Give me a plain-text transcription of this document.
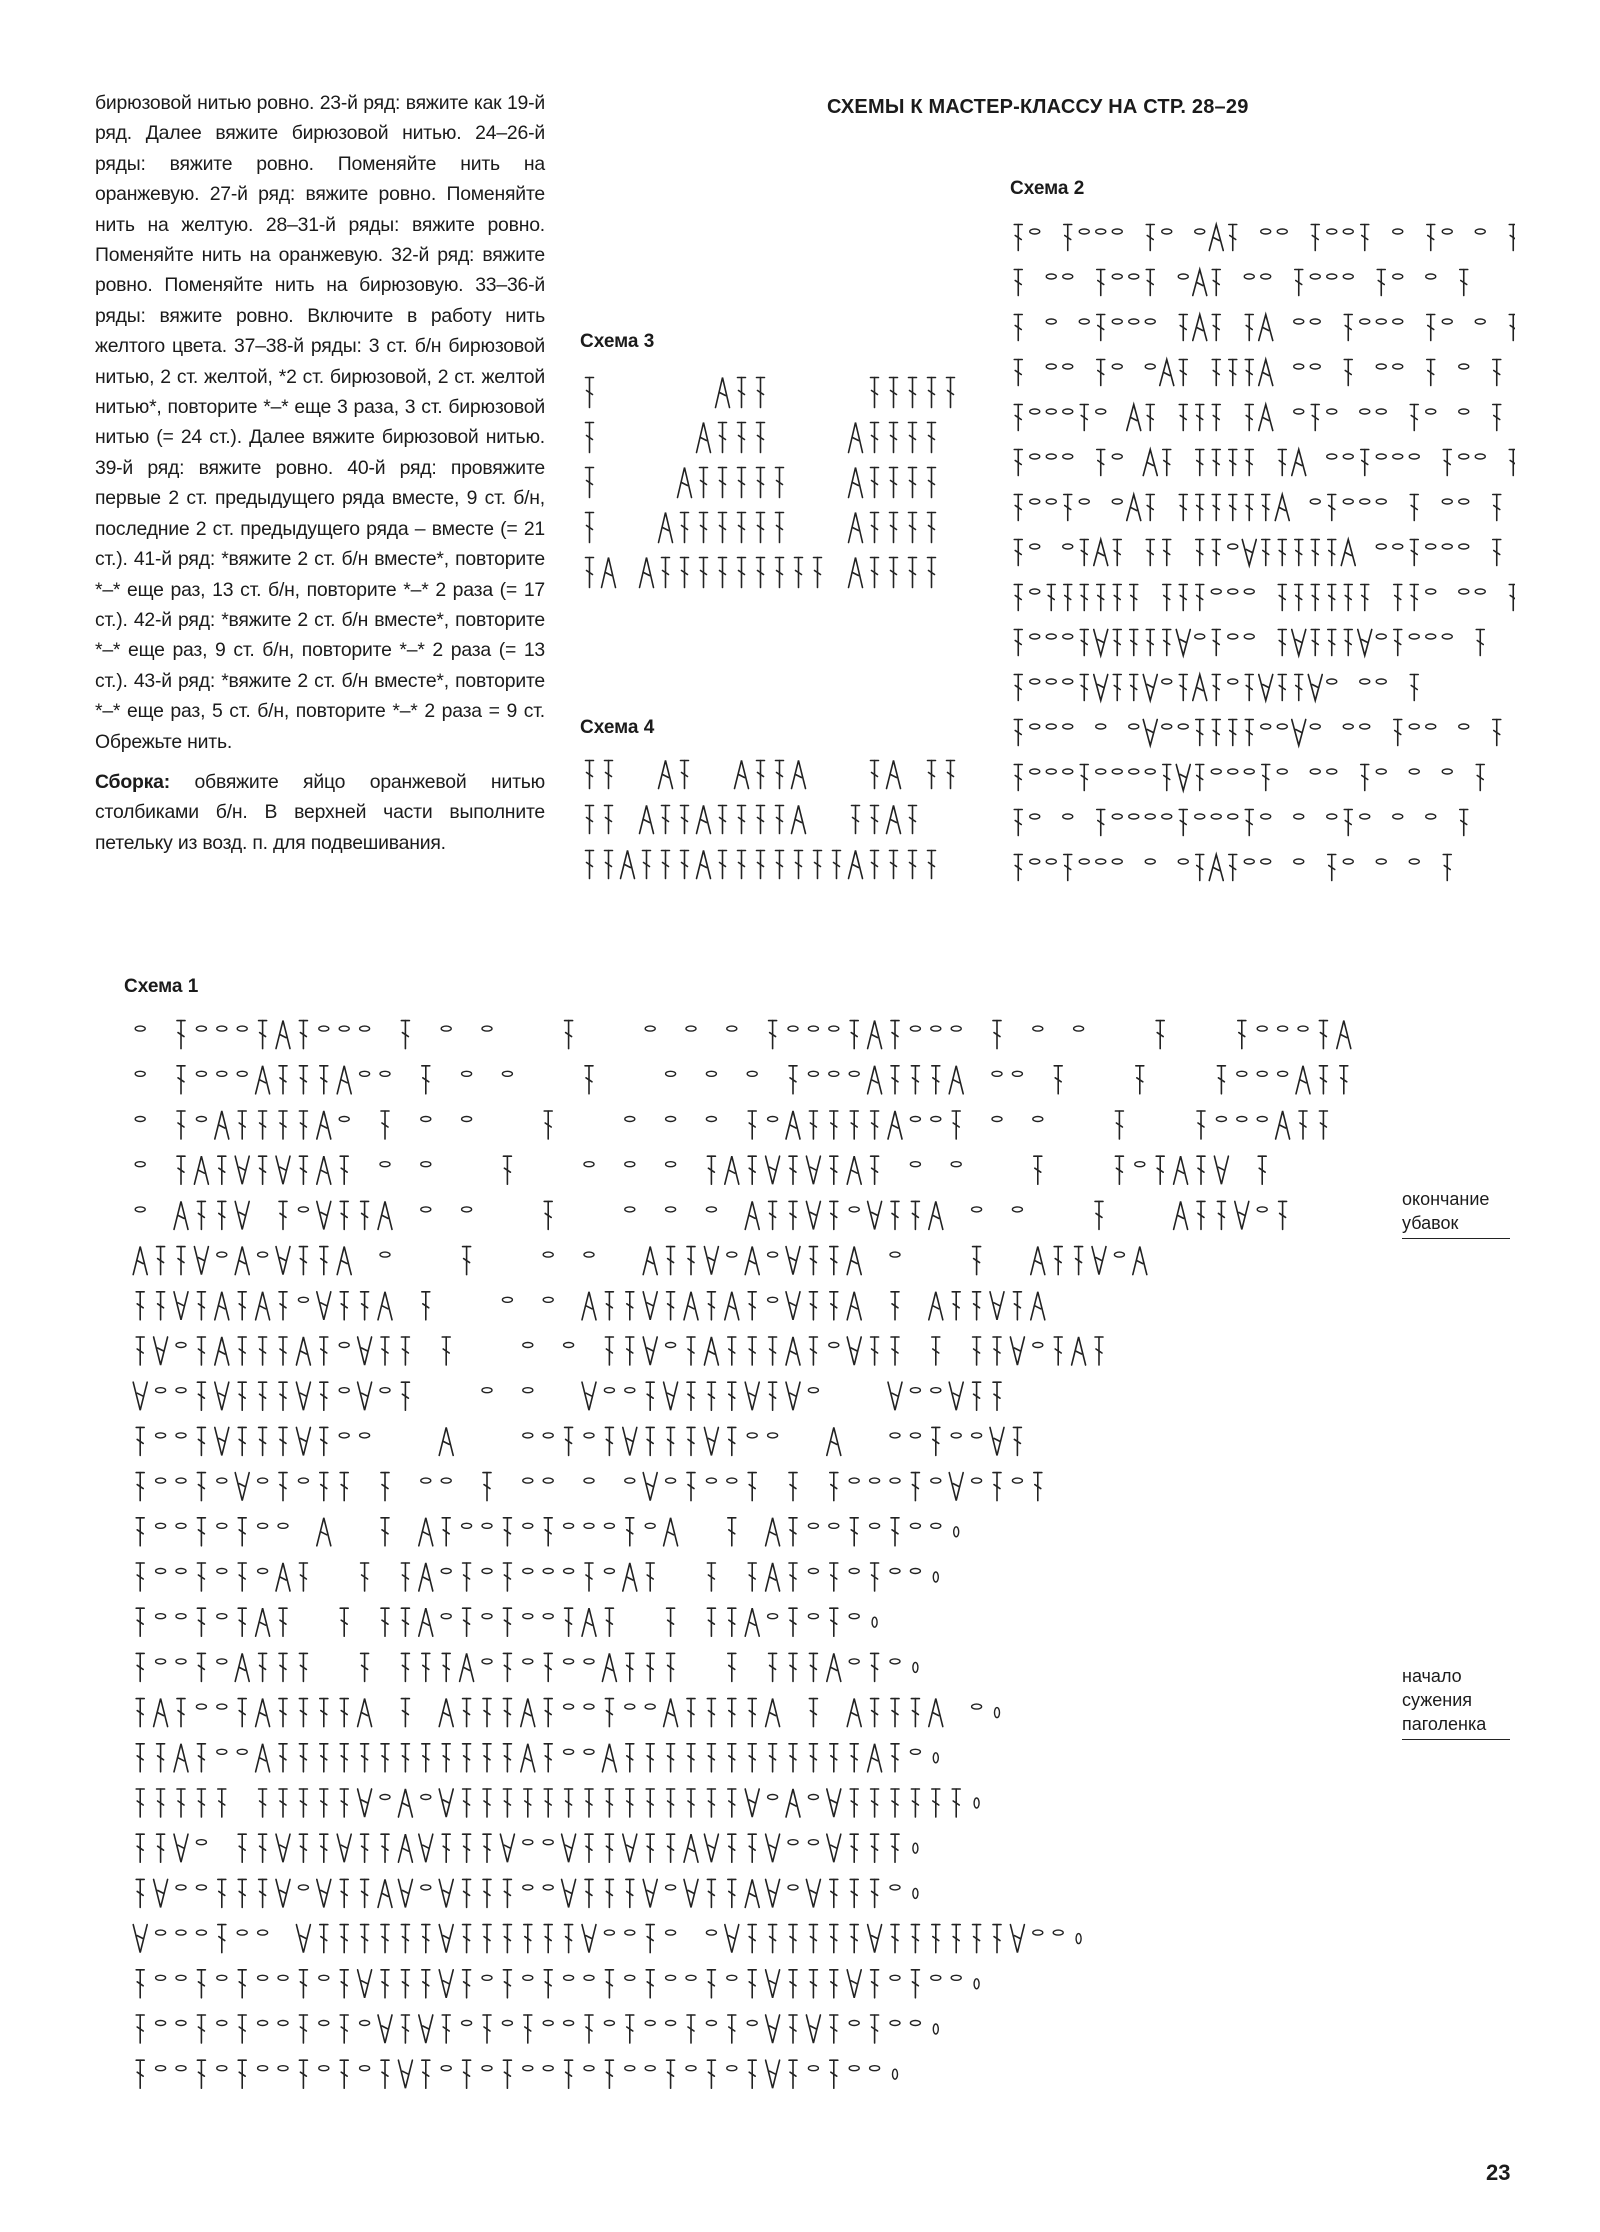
бирюзовой нитью ровно. 23-й ряд: вяжите как 19-й ряд. Далее вяжите бирюзовой нитью. 24–26-й ряды: вяжите ровно. Поменяйте нить на оранжевую. 27-й ряд: вяжите ровно. Поменяйте нить на желтую. 28–31-й ряды: вяжите ровно. Поменяйте нить на оранжевую. 32-й ряд: вяжите ровно. Поменяйте нить на бирюзовую. 33–36-й ряды: вяжите ровно. Включите в работу нить желтого цвета. 37–38-й ряды: 3 ст. б/н бирюзовой нитью, 2 ст. желтой, *2 ст. бирюзовой, 2 ст. желтой нитью*, повторите *–* еще 3 раза, 3 ст. бирюзовой нитью (= 24 ст.). Далее вяжите бирюзовой нитью. 39-й ряд: вяжите ровно. 40-й ряд: провяжите первые 2 ст. предыдущего ряда вместе, 9 ст. б/н, последние 2 ст. предыдущего ряда – вместе (= 21 ст.). 41-й ряд: *вяжите 2 ст. б/н вместе*, повторите *–* еще раз, 13 ст. б/н, повторите *–* 2 раза (= 17 ст.). 42-й ряд: *вяжите 2 ст. б/н вместе*, повторите *–* еще раз, 9 ст. б/н, повторите *–* 2 раза (= 13 ст.). 43-й ряд: *вяжите 2 ст. б/н вместе*, повторите *–* еще раз, 5 ст. б/н, повторите *–* 2 раза = 9 ст. Обрежьте нить.

Сборка: обвяжите яйцо оранжевой нитью столбиками б/н. В верхней части выполните петельку из возд. п. для подвешивания.

СХЕМЫ К МАСТЕР-КЛАССУ НА СТР. 28–29
Схема 2
Схема 3
Схема 4
Схема 1
окончание убавок
начало сужения паголенка
23
